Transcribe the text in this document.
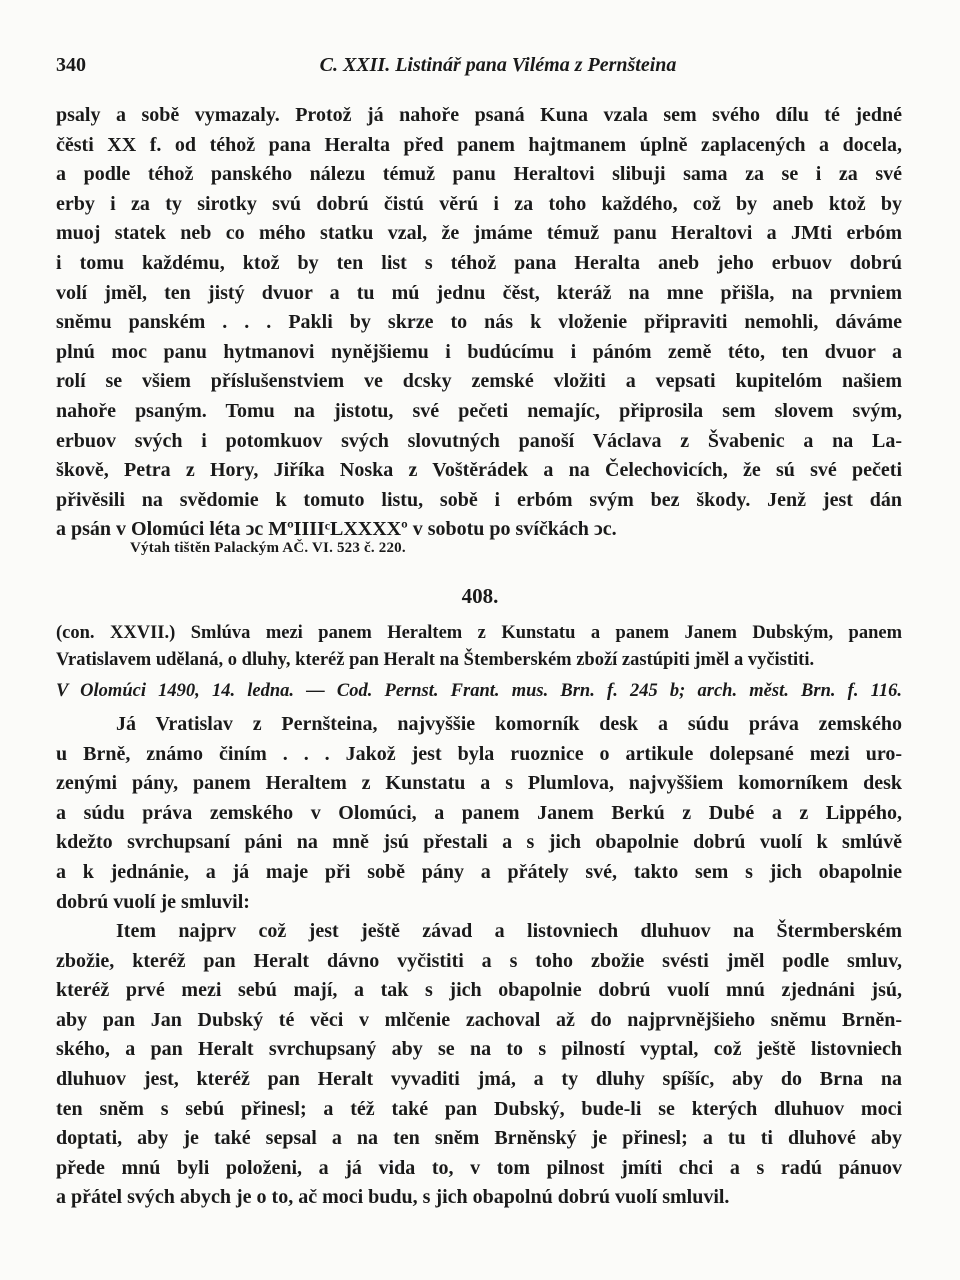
340	C. XXII. Listinář pana Viléma z Pernšteina
psaly a sobě vymazaly. Protož já nahoře psaná Kuna vzala sem svého dílu té jedné
čěsti XX f. od téhož pana Heralta před panem hajtmanem úplně zaplacených a docela,
a podle téhož panského nálezu témuž panu Heraltovi slibuji sama za se i za své
erby i za ty sirotky svú dobrú čistú věrú i za toho každého, což by aneb ktož by
muoj statek neb co mého statku vzal, že jmáme témuž panu Heraltovi a JMti erbóm
i tomu každému, ktož by ten list s téhož pana Heralta aneb jeho erbuov dobrú
volí jměl, ten jistý dvuor a tu mú jednu čěst, kteráž na mne přišla, na prvniem
sněmu panském . . . Pakli by skrze to nás k vloženie připraviti nemohli, dáváme
plnú moc panu hytmanovi nynějšiemu i budúcímu i pánóm země této, ten dvuor a
rolí se všiem příslušenstviem ve dcsky zemské vložiti a vepsati kupitelóm našiem
nahoře psaným. Tomu na jistotu, své pečeti nemajíc, připrosila sem slovem svým,
erbuov svých i potomkuov svých slovutných panoší Václava z Švabenic a na La-
škově, Petra z Hory, Jiříka Noska z Voštěrádek a na Čelechovicích, že sú své pečeti
přivěsili na svědomie k tomuto listu, sobě i erbóm svým bez škody. Jenž jest dán
a psán v Olomúci léta ↄc MºIIIIᶜLXXXXº v sobotu po svíčkách ↄc.
Výtah tištěn Palackým AČ. VI. 523 č. 220.
408.
(con. XXVII.) Smlúva mezi panem Heraltem z Kunstatu a panem Janem Dubským, panem
Vratislavem udělaná, o dluhy, kteréž pan Heralt na Štemberském zboží zastúpiti jměl a vyčistiti.
V Olomúci 1490, 14. ledna. — Cod. Pernst. Frant. mus. Brn. f. 245 b; arch. měst. Brn. f. 116.
Já Vratislav z Pernšteina, najvyššie komorník desk a súdu práva zemského
u Brně, známo činím . . . Jakož jest byla ruoznice o artikule dolepsané mezi uro-
zenými pány, panem Heraltem z Kunstatu a s Plumlova, najvyššiem komorníkem desk
a súdu práva zemského v Olomúci, a panem Janem Berkú z Dubé a z Lippého,
kdežto svrchupsaní páni na mně jsú přestali a s jich obapolnie dobrú vuolí k smlúvě
a k jednánie, a já maje při sobě pány a přátely své, takto sem s jich obapolnie
dobrú vuolí je smluvil:
Item najprv což jest ještě závad a listovniech dluhuov na Štermberském
zbožie, kteréž pan Heralt dávno vyčistiti a s toho zbožie svésti jměl podle smluv,
kteréž prvé mezi sebú mají, a tak s jich obapolnie dobrú vuolí mnú zjednáni jsú,
aby pan Jan Dubský té věci v mlčenie zachoval až do najprvnějšieho sněmu Brněn-
ského, a pan Heralt svrchupsaný aby se na to s pilností vyptal, což ještě listovniech
dluhuov jest, kteréž pan Heralt vyvaditi jmá, a ty dluhy spíšíc, aby do Brna na
ten sněm s sebú přinesl; a též také pan Dubský, bude-li se kterých dluhuov moci
doptati, aby je také sepsal a na ten sněm Brněnský je přinesl; a tu ti dluhové aby
přede mnú byli položeni, a já vida to, v tom pilnost jmíti chci a s radú pánuov
a přátel svých abych je o to, ač moci budu, s jich obapolnú dobrú vuolí smluvil.
